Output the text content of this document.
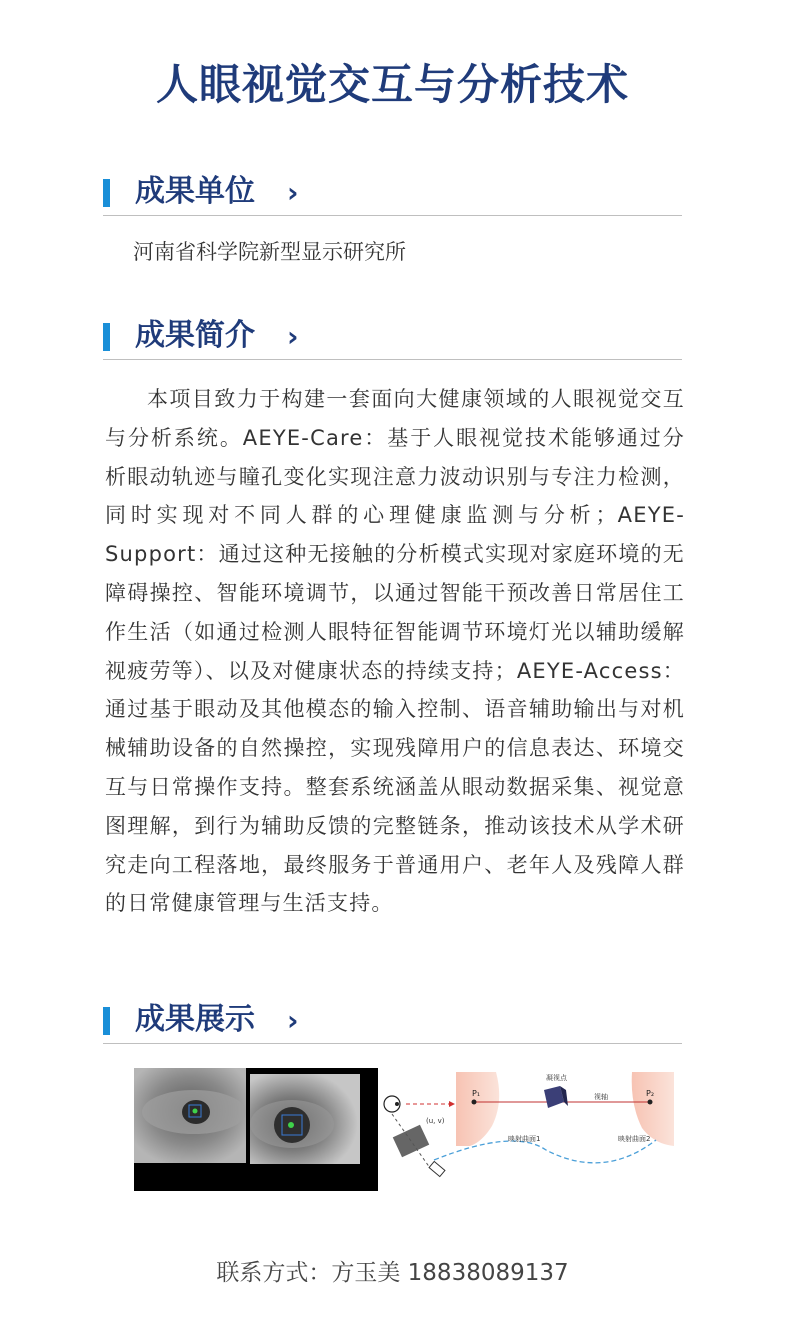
人眼视觉交互与分析技术
成果单位 ›
河南省科学院新型显示研究所
成果简介 ›

本项目致力于构建一套面向大健康领域的人眼视觉交互与分析系统。AEYE-Care：基于人眼视觉技术能够通过分析眼动轨迹与瞳孔变化实现注意力波动识别与专注力检测，同时实现对不同人群的心理健康监测与分析；AEYE-Support：通过这种无接触的分析模式实现对家庭环境的无障碍操控、智能环境调节，以通过智能干预改善日常居住工作生活（如通过检测人眼特征智能调节环境灯光以辅助缓解视疲劳等）、以及对健康状态的持续支持；AEYE-Access：通过基于眼动及其他模态的输入控制、语音辅助输出与对机械辅助设备的自然操控，实现残障用户的信息表达、环境交互与日常操作支持。整套系统涵盖从眼动数据采集、视觉意图理解，到行为辅助反馈的完整链条，推动该技术从学术研究走向工程落地，最终服务于普通用户、老年人及残障人群的日常健康管理与生活支持。

成果展示 ›
(u, v)
凝视点
视轴
P₁	P₂
映射曲面1	映射曲面2
联系方式：方玉美 18838089137
